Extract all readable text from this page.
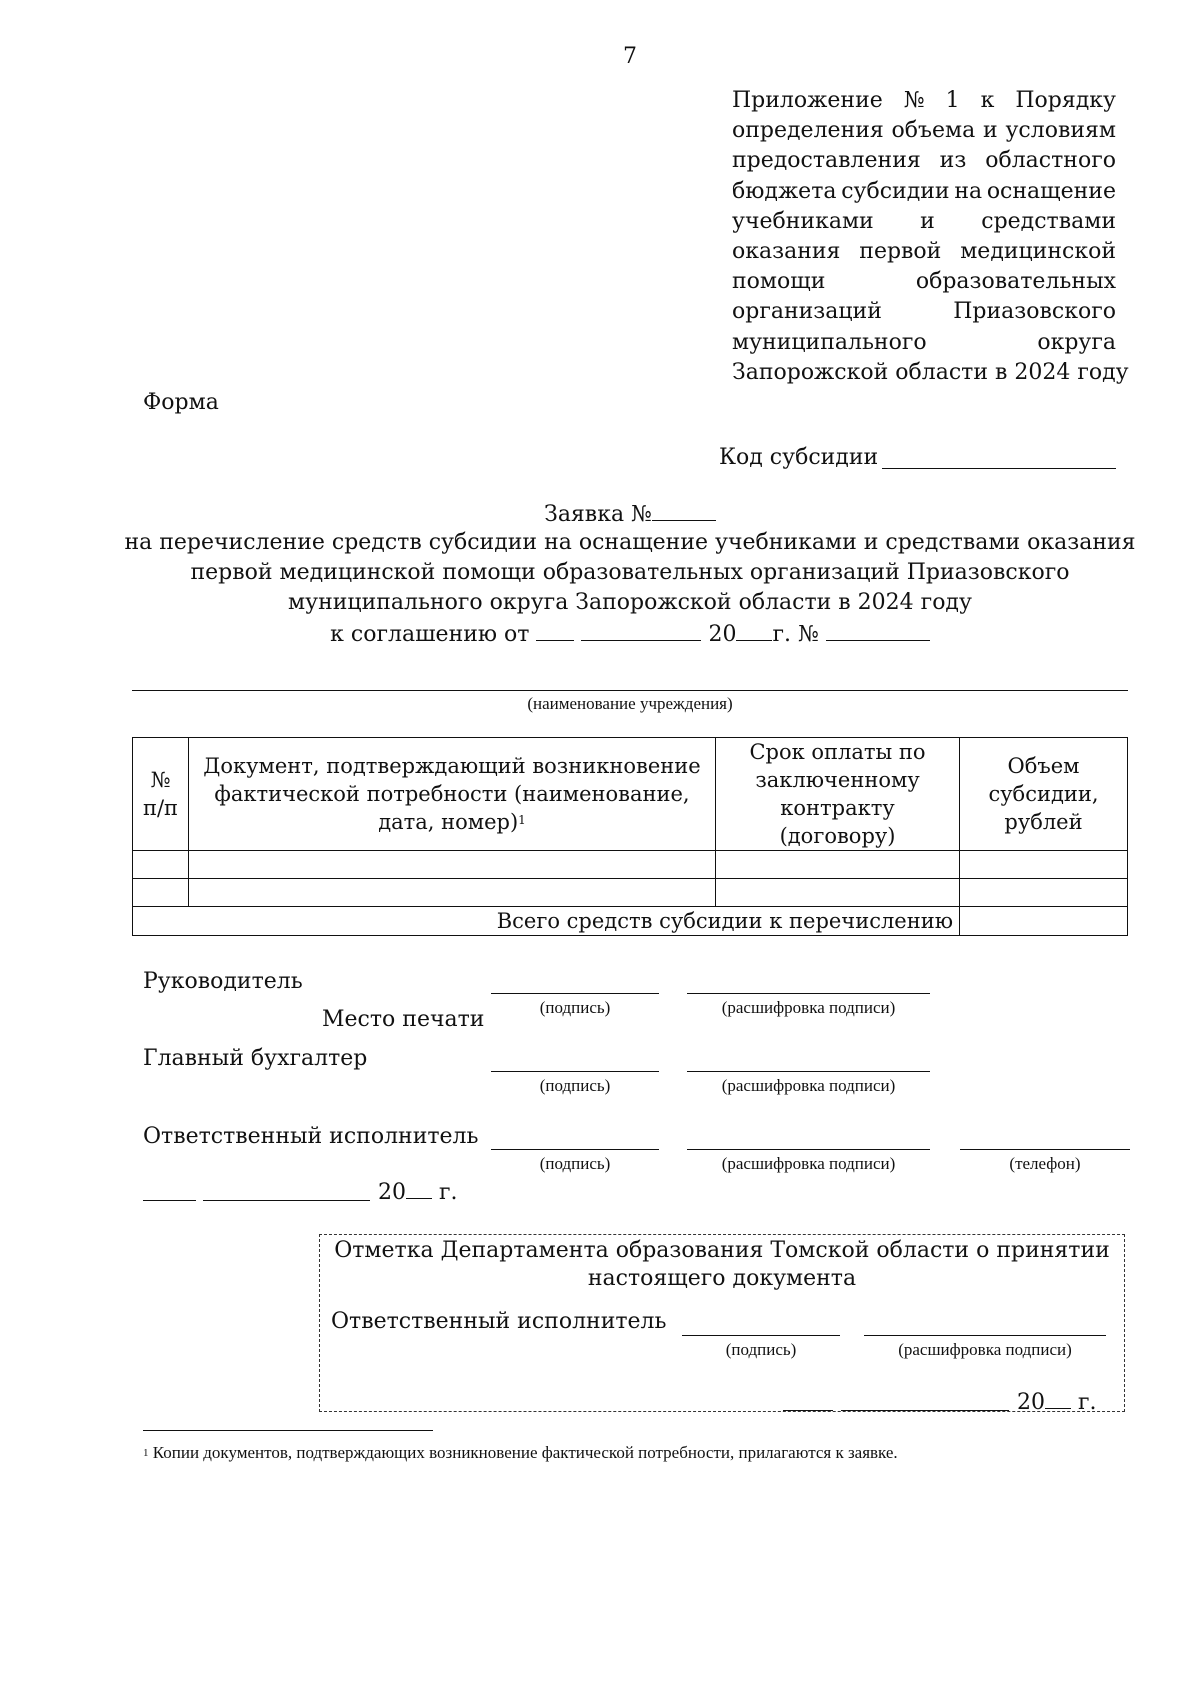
7
Приложение № 1 к Порядку
определения объема и условиям
предоставления из областного
бюджета субсидии на оснащение
учебниками и средствами
оказания первой медицинской
помощи	образовательных
организаций	Приазовского
муниципального	округа
Запорожской области в 2024 году
Форма
Код субсидии
Заявка №
на перечисление средств субсидии на оснащение учебниками и средствами оказания
первой медицинской помощи образовательных организаций Приазовского
муниципального округа Запорожской области в 2024 году
к соглашению от	20 г. №
(наименование учреждения)
№ п/п	Документ, подтверждающий возникновение фактической потребности (наименование, дата, номер)$^1$	Срок оплаты по заключенному контракту (договору)	Объем субсидии, рублей

Всего средств субсидии к перечислению			
Руководитель
(подпись)	(расшифровка подписи)
Место печати
Главный бухгалтер
(подпись)	(расшифровка подписи)
Ответственный исполнитель
(подпись)	(расшифровка подписи)	(телефон)
20 г.
Отметка Департамента образования Томской области о принятии
настоящего документа
Ответственный исполнитель
(подпись)	(расшифровка подписи)
20 г.
$^1$ Копии документов, подтверждающих возникновение фактической потребности, прилагаются к заявке.
